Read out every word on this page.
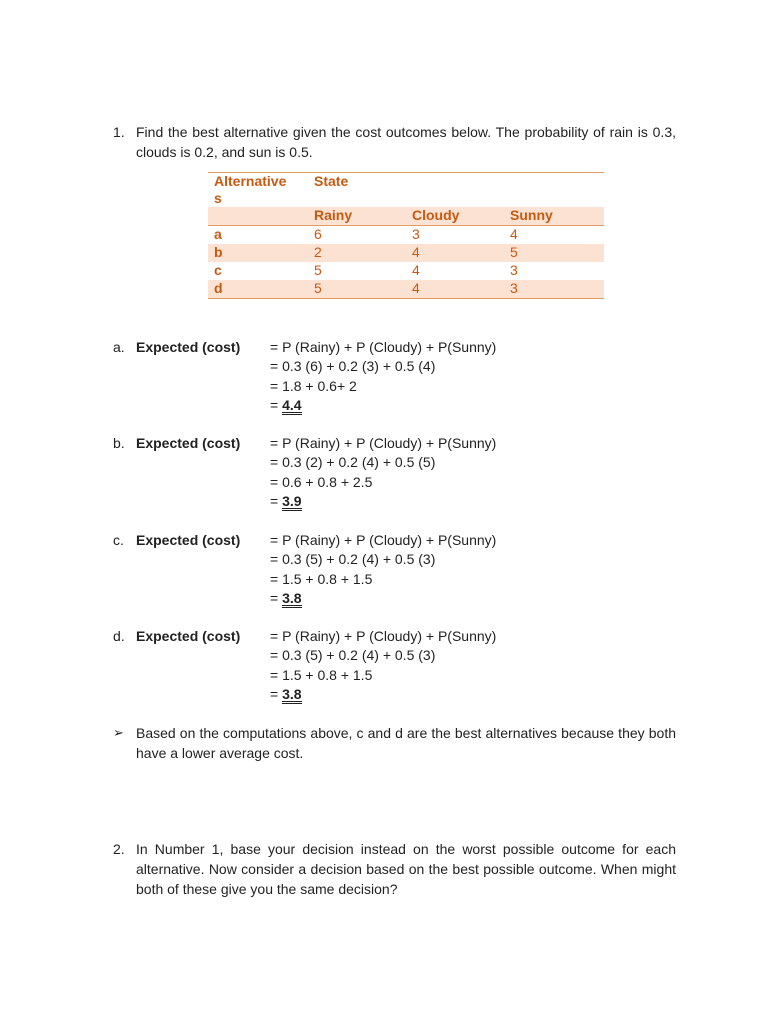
1. Find the best alternative given the cost outcomes below. The probability of rain is 0.3, clouds is 0.2, and sun is 0.5.
Alternative
s	State		
	Rainy	Cloudy	Sunny
a	6	3	4
b	2	4	5
c	5	4	3
d	5	4	3
a. Expected (cost) = P (Rainy) + P (Cloudy) + P(Sunny)
= 0.3 (6) + 0.2 (3) + 0.5 (4)
= 1.8 + 0.6+ 2
= 4.4
b. Expected (cost) = P (Rainy) + P (Cloudy) + P(Sunny)
= 0.3 (2) + 0.2 (4) + 0.5 (5)
= 0.6 + 0.8 + 2.5
= 3.9
c. Expected (cost) = P (Rainy) + P (Cloudy) + P(Sunny)
= 0.3 (5) + 0.2 (4) + 0.5 (3)
= 1.5 + 0.8 + 1.5
= 3.8
d. Expected (cost) = P (Rainy) + P (Cloudy) + P(Sunny)
= 0.3 (5) + 0.2 (4) + 0.5 (3)
= 1.5 + 0.8 + 1.5
= 3.8
➢ Based on the computations above, c and d are the best alternatives because they both have a lower average cost.
2. In Number 1, base your decision instead on the worst possible outcome for each alternative. Now consider a decision based on the best possible outcome. When might both of these give you the same decision?
